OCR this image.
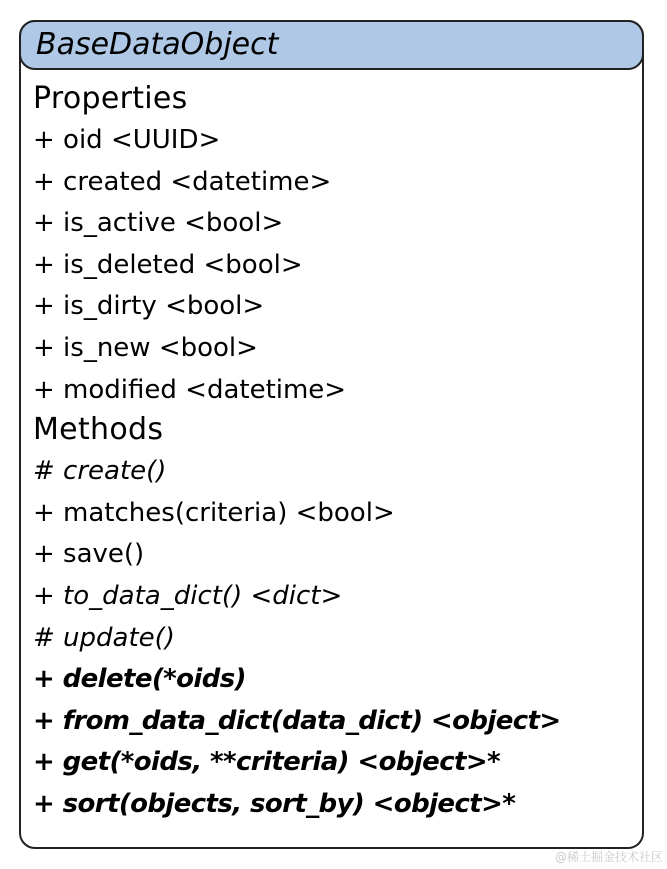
BaseDataObject
Properties
+ oid <UUID>
+ created <datetime>
+ is_active <bool>
+ is_deleted <bool>
+ is_dirty <bool>
+ is_new <bool>
+ modified <datetime>
Methods
# create()
+ matches(criteria) <bool>
+ save()
+ to_data_dict() <dict>
# update()
+ delete(*oids)
+ from_data_dict(data_dict) <object>
+ get(*oids, **criteria) <object>*
+ sort(objects, sort_by) <object>*
@稀土掘金技术社区
